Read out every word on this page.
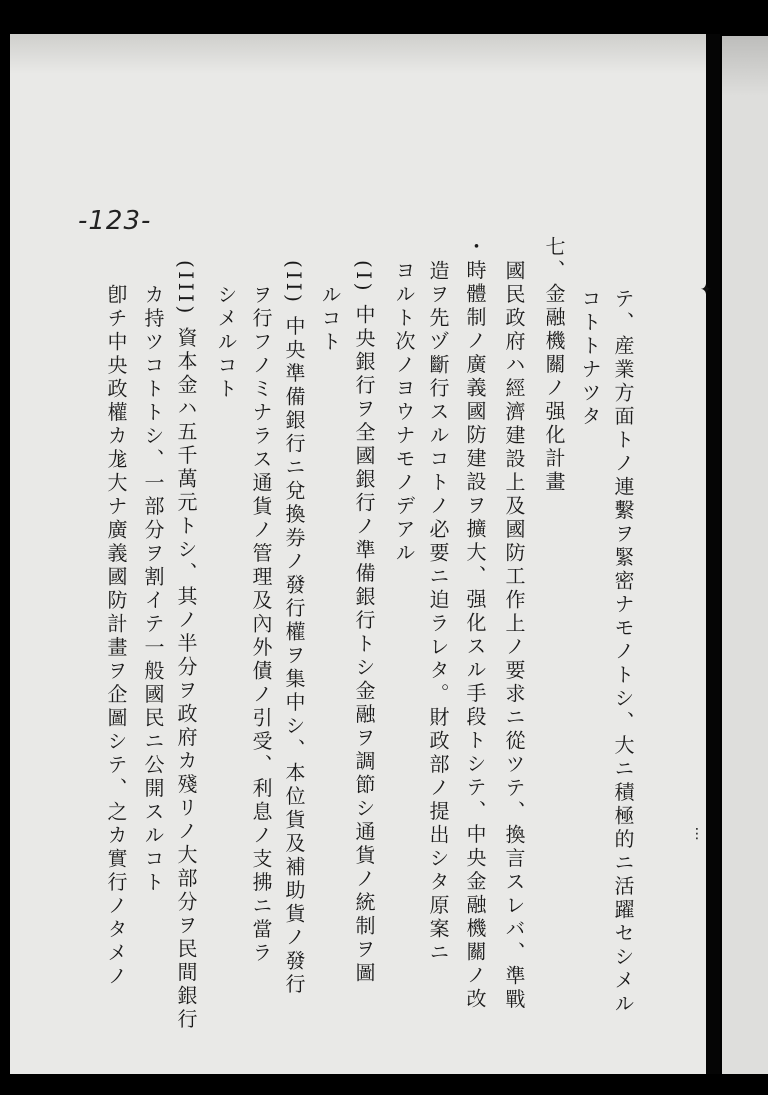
-123-

テ、産業方面トノ連繫ヲ緊密ナモノトシ、大ニ積極的ニ活躍セシメル

コトトナツタ

七、金融機關ノ强化計畫

國民政府ハ經濟建設上及國防工作上ノ要求ニ從ツテ、換言スレバ、準戰

・時體制ノ廣義國防建設ヲ擴大、强化スル手段トシテ、中央金融機關ノ改

造ヲ先ヅ斷行スルコトノ必要ニ迫ラレタ。財政部ノ提出シタ原案ニ

ヨルト次ノヨウナモノデアル

(I) 中央銀行ヲ全國銀行ノ準備銀行トシ金融ヲ調節シ通貨ノ統制ヲ圖

ルコト

(II) 中央準備銀行ニ兌換券ノ發行權ヲ集中シ、本位貨及補助貨ノ發行

ヲ行フノミナラス通貨ノ管理及內外債ノ引受、利息ノ支拂ニ當ラ

シメルコト

(III) 資本金ハ五千萬元トシ、其ノ半分ヲ政府カ殘リノ大部分ヲ民間銀行

カ持ツコトトシ、一部分ヲ割イテ一般國民ニ公開スルコト

卽チ中央政權カ尨大ナ廣義國防計畫ヲ企圖シテ、之カ實行ノタメノ	✦
⋮
